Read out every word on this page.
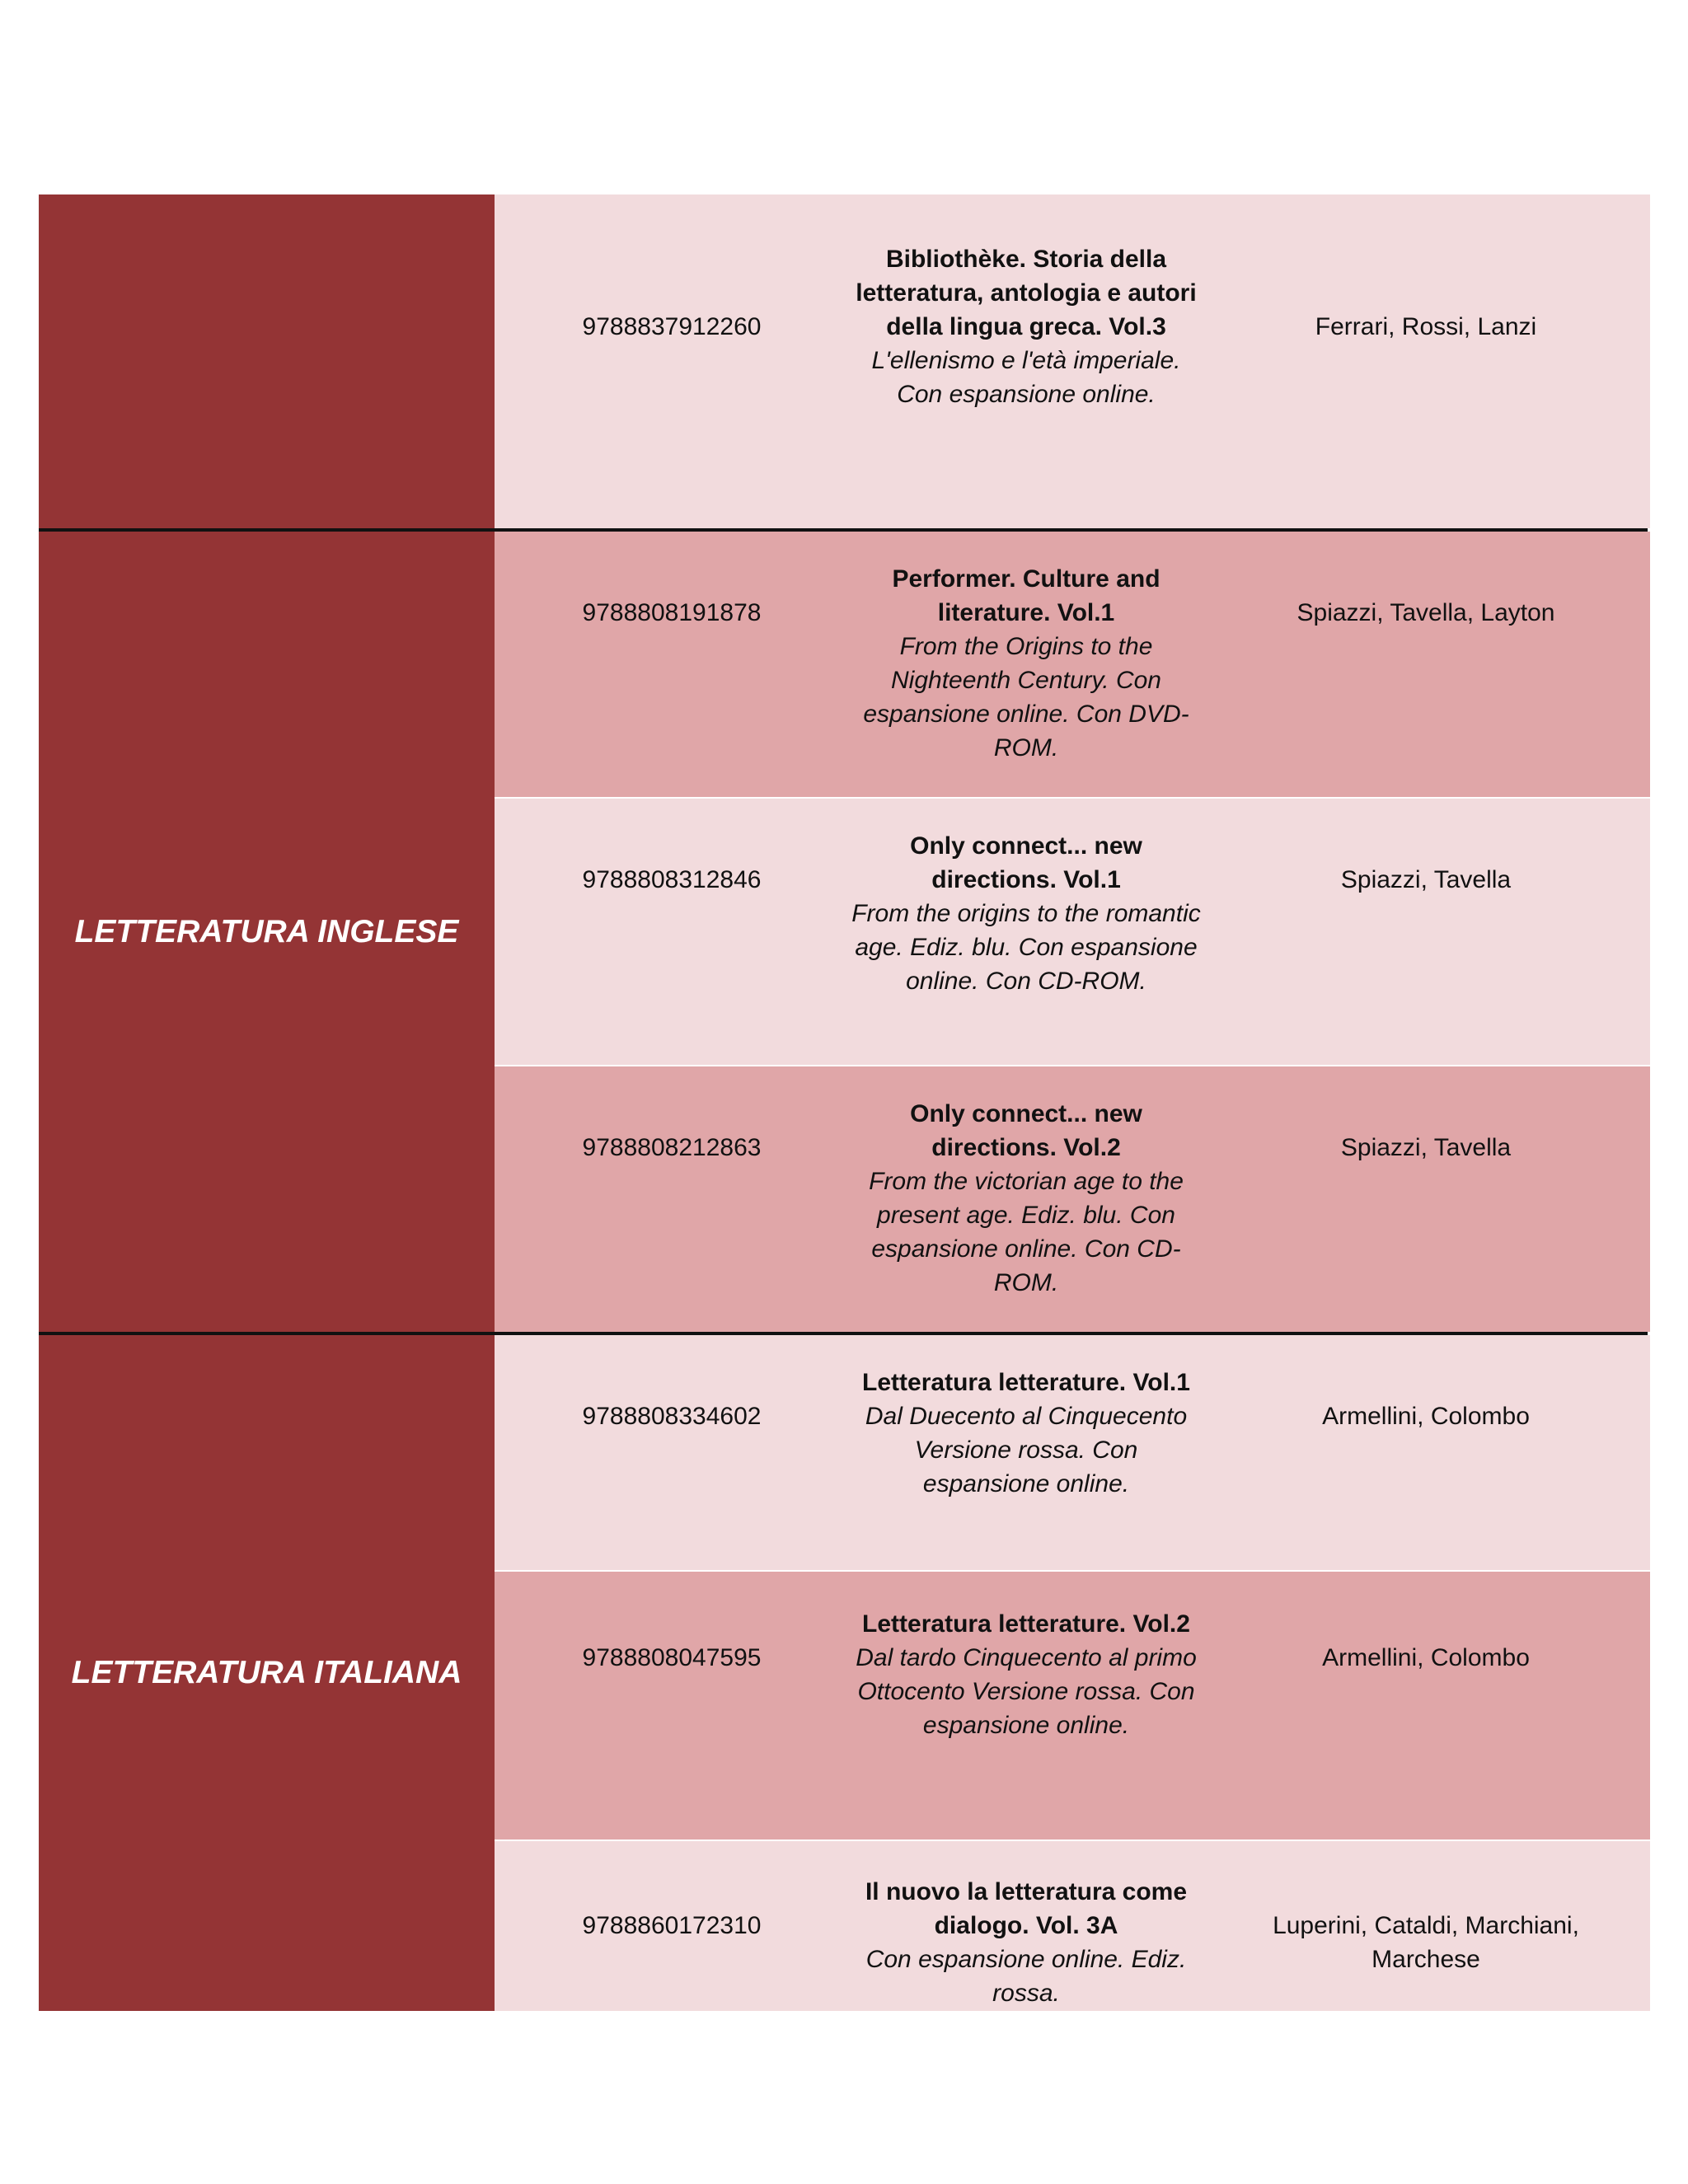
9788837912260
Bibliothèke. Storia della letteratura, antologia e autori della lingua greca. Vol.3
L'ellenismo e l'età imperiale. Con espansione online.
Ferrari, Rossi, Lanzi
LETTERATURA INGLESE
9788808191878
Performer. Culture and literature. Vol.1
From the Origins to the Nighteenth Century. Con espansione online. Con DVD-ROM.
Spiazzi, Tavella, Layton
9788808312846
Only connect... new directions. Vol.1
From the origins to the romantic age. Ediz. blu. Con espansione online. Con CD-ROM.
Spiazzi, Tavella
9788808212863
Only connect... new directions. Vol.2
From the victorian age to the present age. Ediz. blu. Con espansione online. Con CD-ROM.
Spiazzi, Tavella
LETTERATURA ITALIANA
9788808334602
Letteratura letterature. Vol.1
Dal Duecento al Cinquecento Versione rossa. Con espansione online.
Armellini, Colombo
9788808047595
Letteratura letterature. Vol.2
Dal tardo Cinquecento al primo Ottocento Versione rossa. Con espansione online.
Armellini, Colombo
9788860172310
Il nuovo la letteratura come dialogo. Vol. 3A
Con espansione online. Ediz. rossa.
Luperini, Cataldi, Marchiani, Marchese
